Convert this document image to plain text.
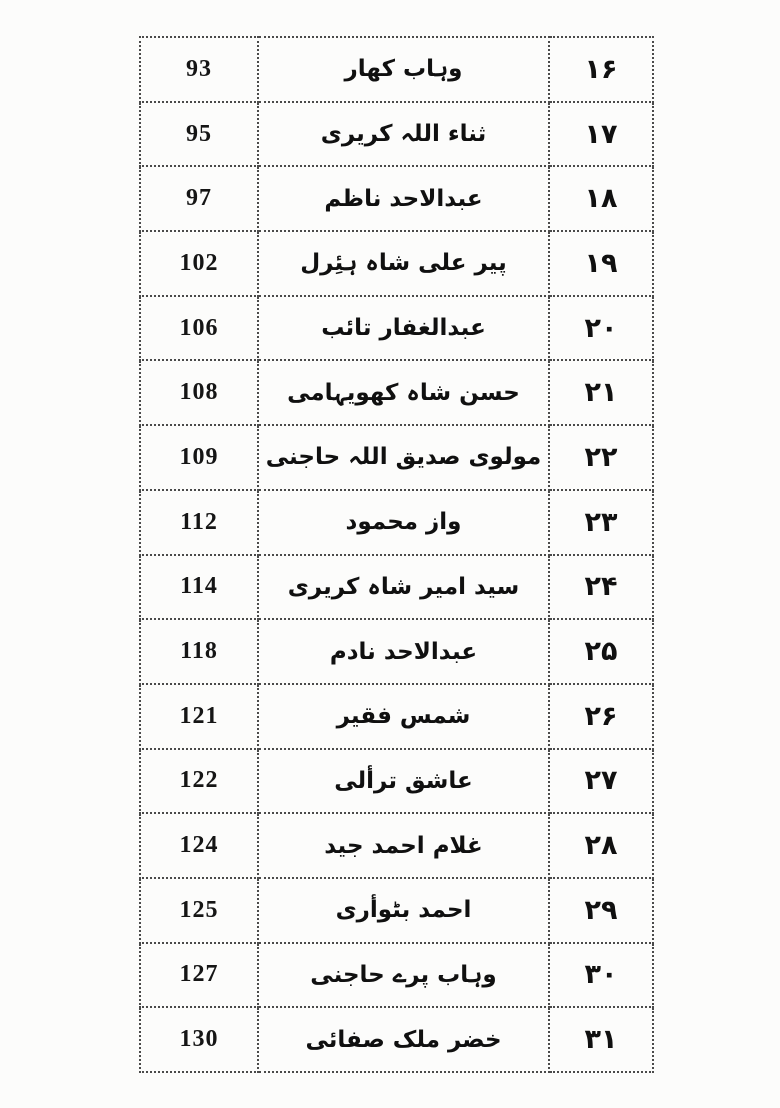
93	وہاب کھار	۱۶
95	ثناء اللہ کریری	۱۷
97	عبدالاحد ناظم	۱۸
102	پیر علی شاہ ہئِرل	۱۹
106	عبدالغفار تائب	۲۰
108	حسن شاہ کھویہامی	۲۱
109	مولوی صدیق اللہ حاجنی	۲۲
112	واز محمود	۲۳
114	سید امیر شاہ کریری	۲۴
118	عبدالاحد نادم	۲۵
121	شمس فقیر	۲۶
122	عاشق ترألی	۲۷
124	غلام احمد جید	۲۸
125	احمد بٹوأری	۲۹
127	وہاب پرے حاجنی	۳۰
130	خضر ملک صفائی	۳۱
